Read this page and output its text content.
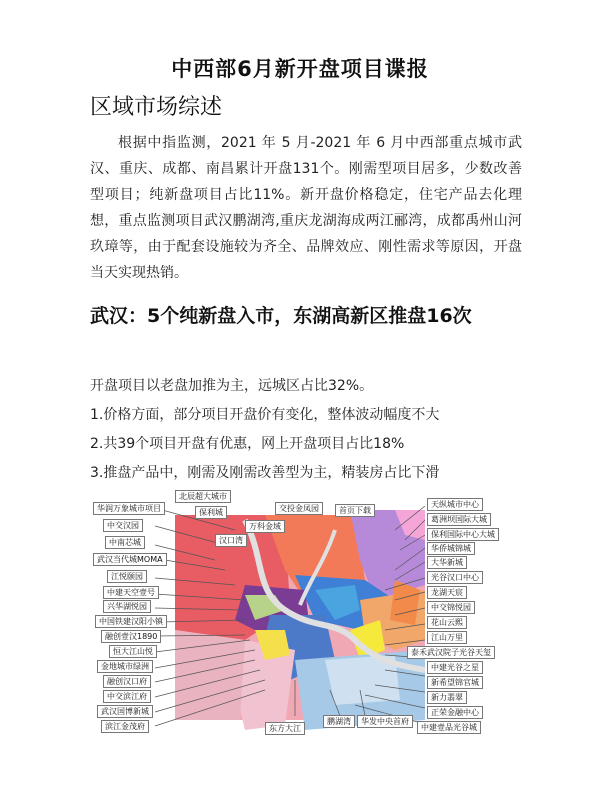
中西部6月新开盘项目谍报
区域市场综述

根据中指监测，2021 年 5 月-2021 年 6 月中西部重点城市武汉、重庆、成都、南昌累计开盘131个。刚需型项目居多，少数改善型项目；纯新盘项目占比11%。新开盘价格稳定，住宅产品去化理想，重点监测项目武汉鹏湖湾,重庆龙湖海成两江郦湾，成都禹州山河玖璋等，由于配套设施较为齐全、品牌效应、刚性需求等原因，开盘当天实现热销。

武汉：5个纯新盘入市，东湖高新区推盘16次
开盘项目以老盘加推为主，远城区占比32%。
1.价格方面，部分项目开盘价有变化，整体波动幅度不大
2.共39个项目开盘有优惠，网上开盘项目占比18%
3.推盘产品中，刚需及刚需改善型为主，精装房占比下滑
华润万象城市项目
中交汉园
中南芯城
武汉当代城MOMA
江悦颐园
中建天空壹号
兴华湖悦园
中国铁建汉阳小镇
融创壹汉1890
恒大江山悦
金地城市绿洲
融创汉口府
中交滨江府
武汉国博新城
滨江金茂府
北辰超大城市
保利城
万科金域
汉口湾
交投金凤园	首页下载
天纵城市中心
葛洲坝国际大城
保利国际中心大城
华侨城锦城
大华新城
光谷汉口中心
龙湖天宸
中交锦悦园
花山云熙
江山万里
泰禾武汉院子光谷天玺
中建光谷之星
新希望锦官城
新力翡翠
正荣金融中心
中建壹品光谷城
东方大江
鹏湖湾	华发中央首府
